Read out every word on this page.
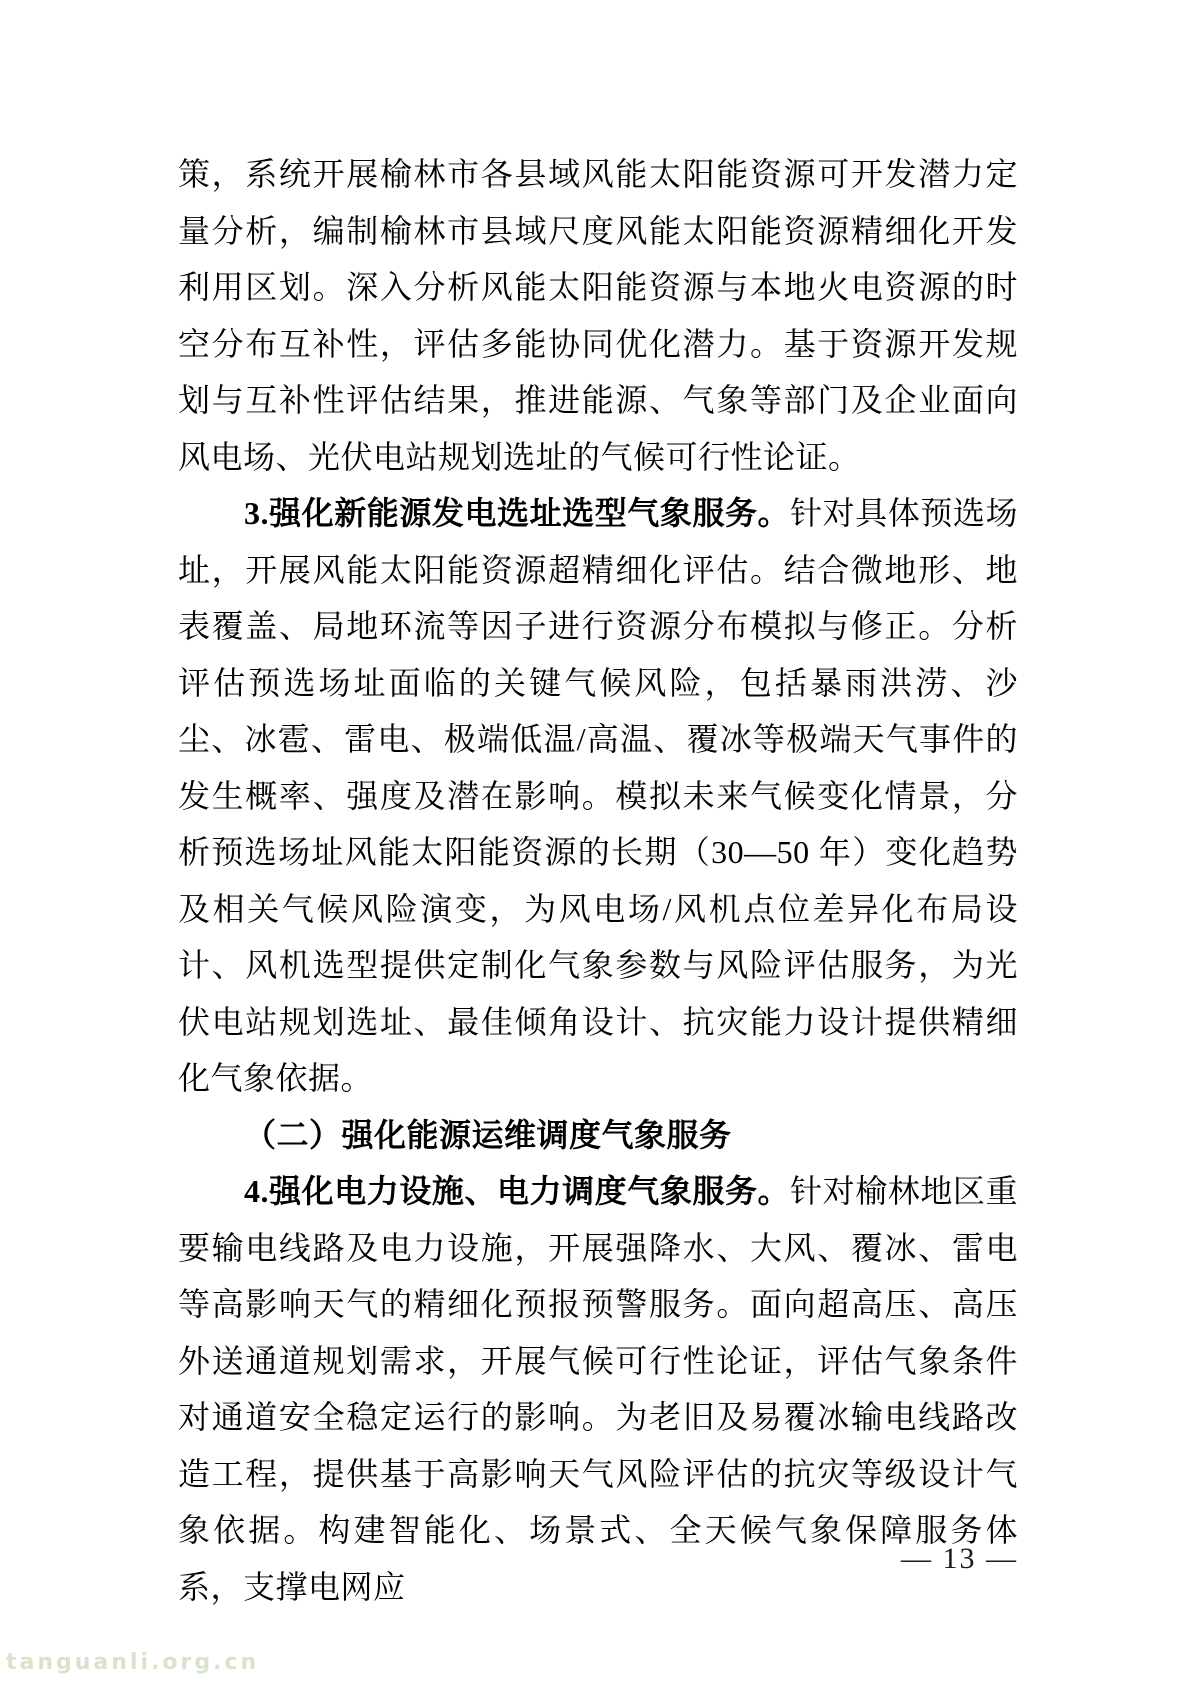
策，系统开展榆林市各县域风能太阳能资源可开发潜力定量分析，编制榆林市县域尺度风能太阳能资源精细化开发利用区划。深入分析风能太阳能资源与本地火电资源的时空分布互补性，评估多能协同优化潜力。基于资源开发规划与互补性评估结果，推进能源、气象等部门及企业面向风电场、光伏电站规划选址的气候可行性论证。

3.强化新能源发电选址选型气象服务。针对具体预选场址，开展风能太阳能资源超精细化评估。结合微地形、地表覆盖、局地环流等因子进行资源分布模拟与修正。分析评估预选场址面临的关键气候风险，包括暴雨洪涝、沙尘、冰雹、雷电、极端低温/高温、覆冰等极端天气事件的发生概率、强度及潜在影响。模拟未来气候变化情景，分析预选场址风能太阳能资源的长期（30—50 年）变化趋势及相关气候风险演变，为风电场/风机点位差异化布局设计、风机选型提供定制化气象参数与风险评估服务，为光伏电站规划选址、最佳倾角设计、抗灾能力设计提供精细化气象依据。

（二）强化能源运维调度气象服务

4.强化电力设施、电力调度气象服务。针对榆林地区重要输电线路及电力设施，开展强降水、大风、覆冰、雷电等高影响天气的精细化预报预警服务。面向超高压、高压外送通道规划需求，开展气候可行性论证，评估气象条件对通道安全稳定运行的影响。为老旧及易覆冰输电线路改造工程，提供基于高影响天气风险评估的抗灾等级设计气象依据。构建智能化、场景式、全天候气象保障服务体系，支撑电网应

— 13 —
tanguanli.org.cn
